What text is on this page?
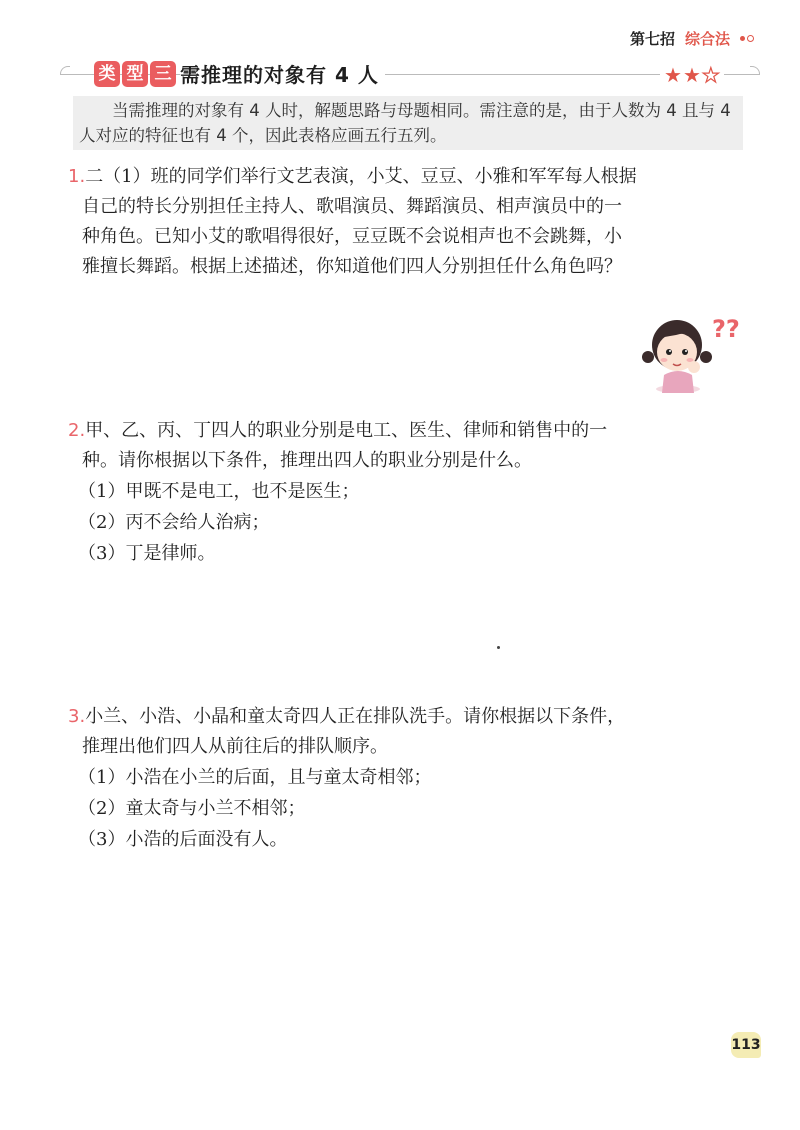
第七招 综合法
类 型 三 需推理的对象有 4 人	★ ★ ★

当需推理的对象有 4 人时，解题思路与母题相同。需注意的是，由于人数为 4 且与 4 人对应的特征也有 4 个，因此表格应画五行五列。

1.二（1）班的同学们举行文艺表演，小艾、豆豆、小雅和军军每人根据
自己的特长分别担任主持人、歌唱演员、舞蹈演员、相声演员中的一
种角色。已知小艾的歌唱得很好，豆豆既不会说相声也不会跳舞，小
雅擅长舞蹈。根据上述描述，你知道他们四人分别担任什么角色吗？
??
2.甲、乙、丙、丁四人的职业分别是电工、医生、律师和销售中的一
种。请你根据以下条件，推理出四人的职业分别是什么。
（1）甲既不是电工，也不是医生；
（2）丙不会给人治病；
（3）丁是律师。
3.小兰、小浩、小晶和童太奇四人正在排队洗手。请你根据以下条件，
推理出他们四人从前往后的排队顺序。
（1）小浩在小兰的后面，且与童太奇相邻；
（2）童太奇与小兰不相邻；
（3）小浩的后面没有人。
113
